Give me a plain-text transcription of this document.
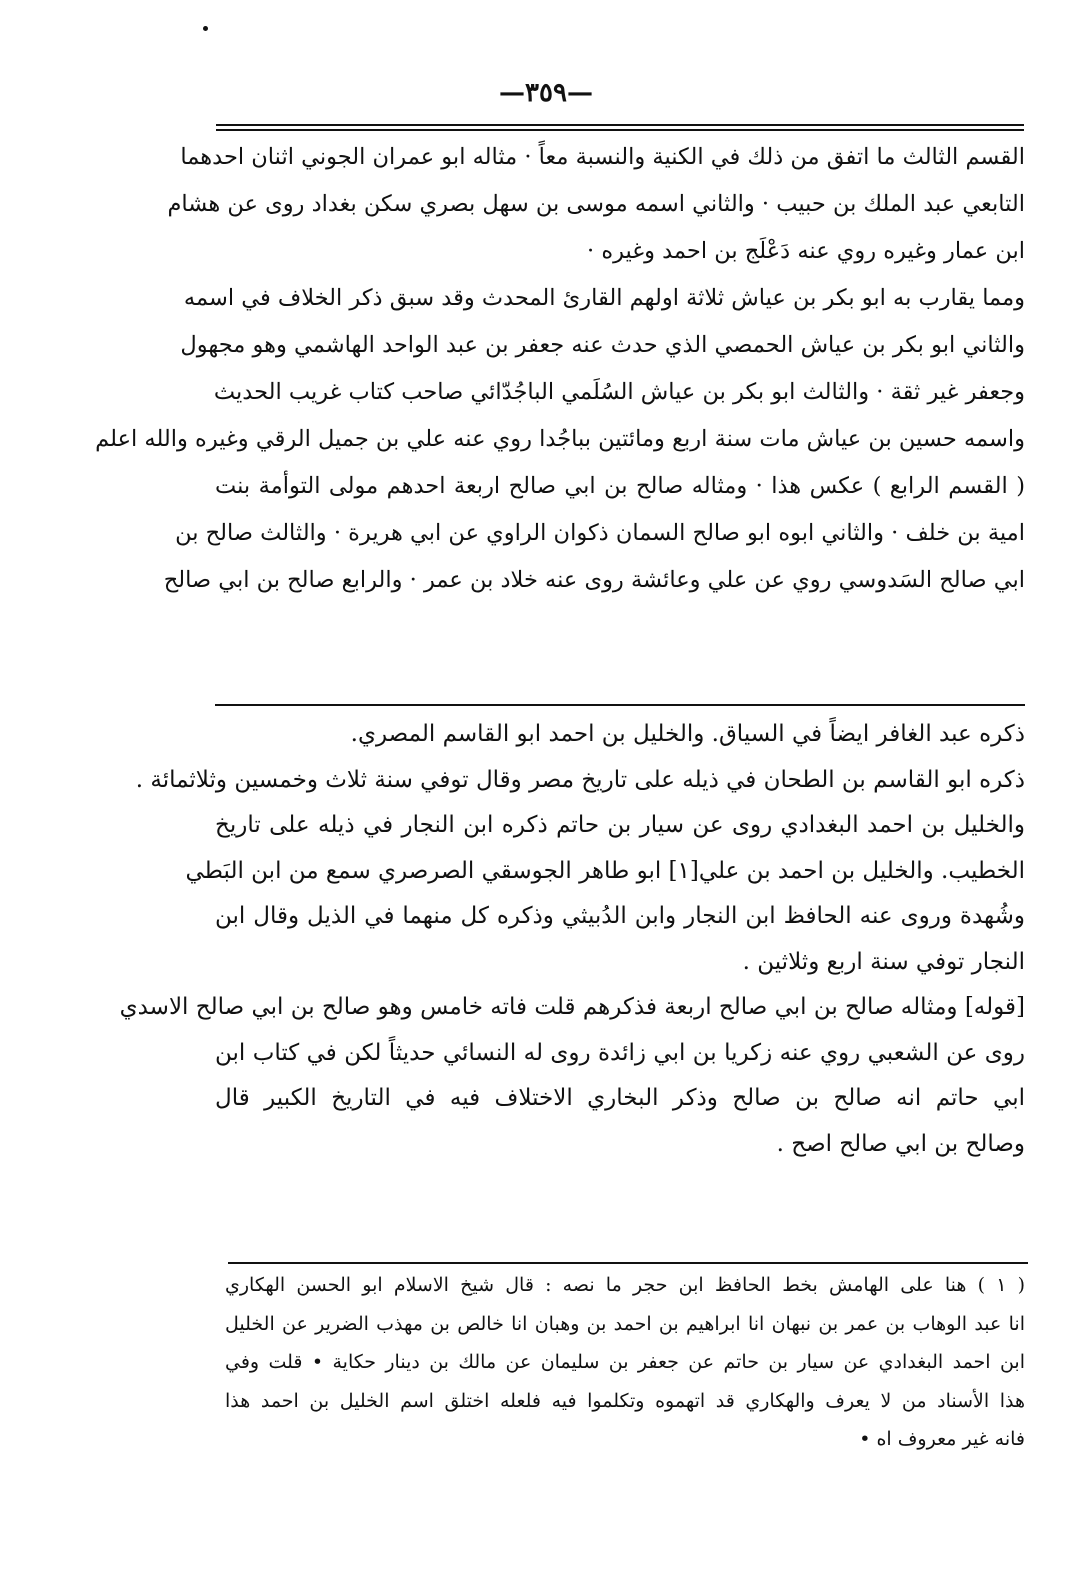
—٣٥٩—
القسم الثالث ما اتفق من ذلك في الكنية والنسبة معاً · مثاله ابو عمران الجوني اثنان احدهما
التابعي عبد الملك بن حبيب · والثاني اسمه موسى بن سهل بصري سكن بغداد روى عن هشام
ابن عمار وغيره روي عنه دَعْلَج بن احمد وغيره ·
ومما يقارب به ابو بكر بن عياش ثلاثة اولهم القارئ المحدث وقد سبق ذكر الخلاف في اسمه
والثاني ابو بكر بن عياش الحمصي الذي حدث عنه جعفر بن عبد الواحد الهاشمي وهو مجهول
وجعفر غير ثقة · والثالث ابو بكر بن عياش السُلَمي الباجُدّائي صاحب كتاب غريب الحديث
واسمه حسين بن عياش مات سنة اربع ومائتين بباجُدا روي عنه علي بن جميل الرقي وغيره والله اعلم
( القسم الرابع ) عكس هذا · ومثاله صالح بن ابي صالح اربعة احدهم مولى التوأمة بنت
امية بن خلف · والثاني ابوه ابو صالح السمان ذكوان الراوي عن ابي هريرة · والثالث صالح بن
ابي صالح السَدوسي روي عن علي وعائشة روى عنه خلاد بن عمر · والرابع صالح بن ابي صالح
ذكره عبد الغافر ايضاً في السياق. والخليل بن احمد ابو القاسم المصري.
ذكره ابو القاسم بن الطحان في ذيله على تاريخ مصر وقال توفي سنة ثلاث وخمسين وثلاثمائة .
والخليل بن احمد البغدادي روى عن سيار بن حاتم ذكره ابن النجار في ذيله على تاريخ
الخطيب. والخليل بن احمد بن علي[١] ابو طاهر الجوسقي الصرصري سمع من ابن البَطي
وشُهدة وروى عنه الحافظ ابن النجار وابن الدُبيثي وذكره كل منهما في الذيل وقال ابن
النجار توفي سنة اربع وثلاثين .
[قوله] ومثاله صالح بن ابي صالح اربعة فذكرهم قلت فاته خامس وهو صالح بن ابي صالح الاسدي
روى عن الشعبي روي عنه زكريا بن ابي زائدة روى له النسائي حديثاً لكن في كتاب ابن
ابي حاتم انه صالح بن صالح وذكر البخاري الاختلاف فيه في التاريخ الكبير قال
وصالح بن ابي صالح اصح .
( ١ ) هنا على الهامش بخط الحافظ ابن حجر ما نصه : قال شيخ الاسلام ابو الحسن الهكاري
انا عبد الوهاب بن عمر بن نبهان انا ابراهيم بن احمد بن وهبان انا خالص بن مهذب الضرير عن الخليل
ابن احمد البغدادي عن سيار بن حاتم عن جعفر بن سليمان عن مالك بن دينار حكاية • قلت وفي
هذا الأسناد من لا يعرف والهكاري قد اتهموه وتكلموا فيه فلعله اختلق اسم الخليل بن احمد هذا
فانه غير معروف اه •
